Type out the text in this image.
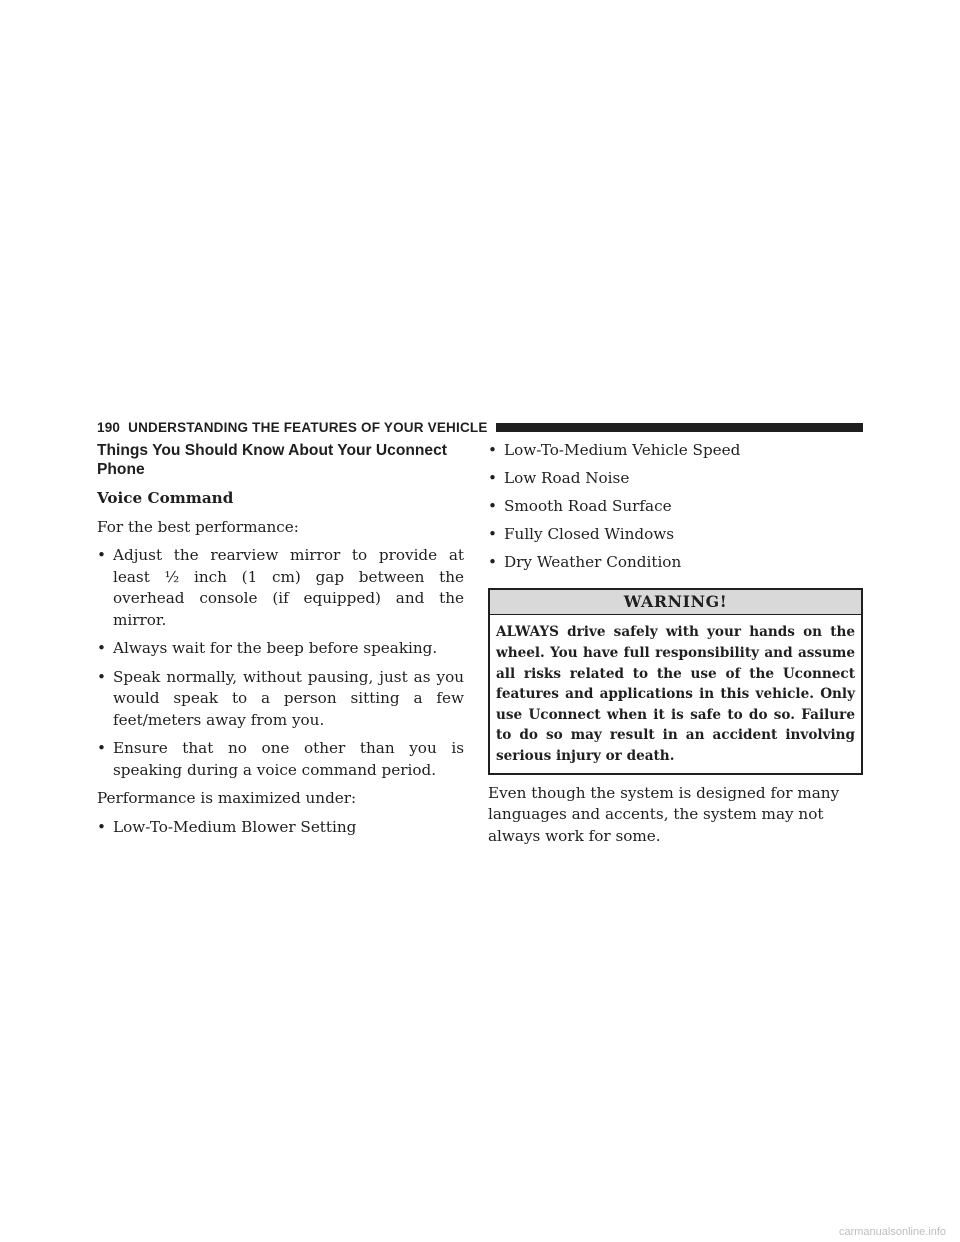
190 UNDERSTANDING THE FEATURES OF YOUR VEHICLE
Things You Should Know About Your Uconnect Phone
Voice Command

For the best performance:

• Adjust the rearview mirror to provide at least ½ inch (1 cm) gap between the overhead console (if equipped) and the mirror.
• Always wait for the beep before speaking.
• Speak normally, without pausing, just as you would speak to a person sitting a few feet/meters away from you.
• Ensure that no one other than you is speaking during a voice command period.

Performance is maximized under:

• Low-To-Medium Blower Setting
• Low-To-Medium Vehicle Speed
• Low Road Noise
• Smooth Road Surface
• Fully Closed Windows
• Dry Weather Condition
WARNING!
ALWAYS drive safely with your hands on the wheel. You have full responsibility and assume all risks related to the use of the Uconnect features and applications in this vehicle. Only use Uconnect when it is safe to do so. Failure to do so may result in an accident involving serious injury or death.

Even though the system is designed for many languages and accents, the system may not always work for some.

carmanualsonline.info
